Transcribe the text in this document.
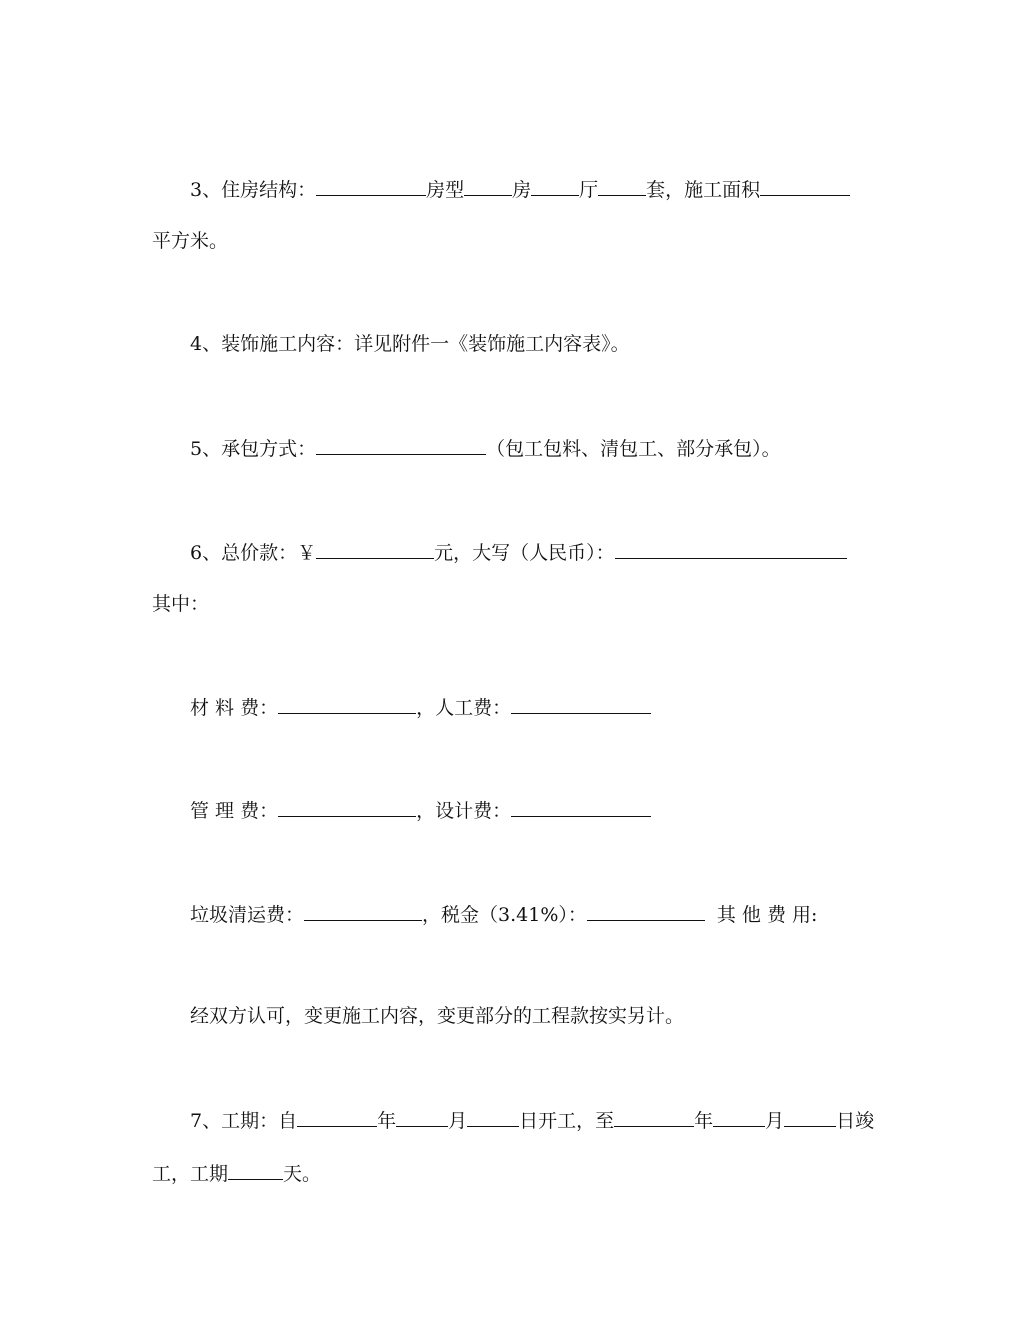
3、住房结构：	房型	房	厅	套，施工面积
平方米。
4、装饰施工内容：详见附件一《装饰施工内容表》。
5、承包方式：	（包工包料、清包工、部分承包）。
6、总价款：￥	元，大写（人民币）：
其中：
材 料 费：	，人工费：
管 理 费：	，设计费：
垃圾清运费：	，税金（3.41%）：	其 他 费 用:
经双方认可，变更施工内容，变更部分的工程款按实另计。
7、工期：自	年	月	日开工，至	年	月	日竣
工，工期	天。
